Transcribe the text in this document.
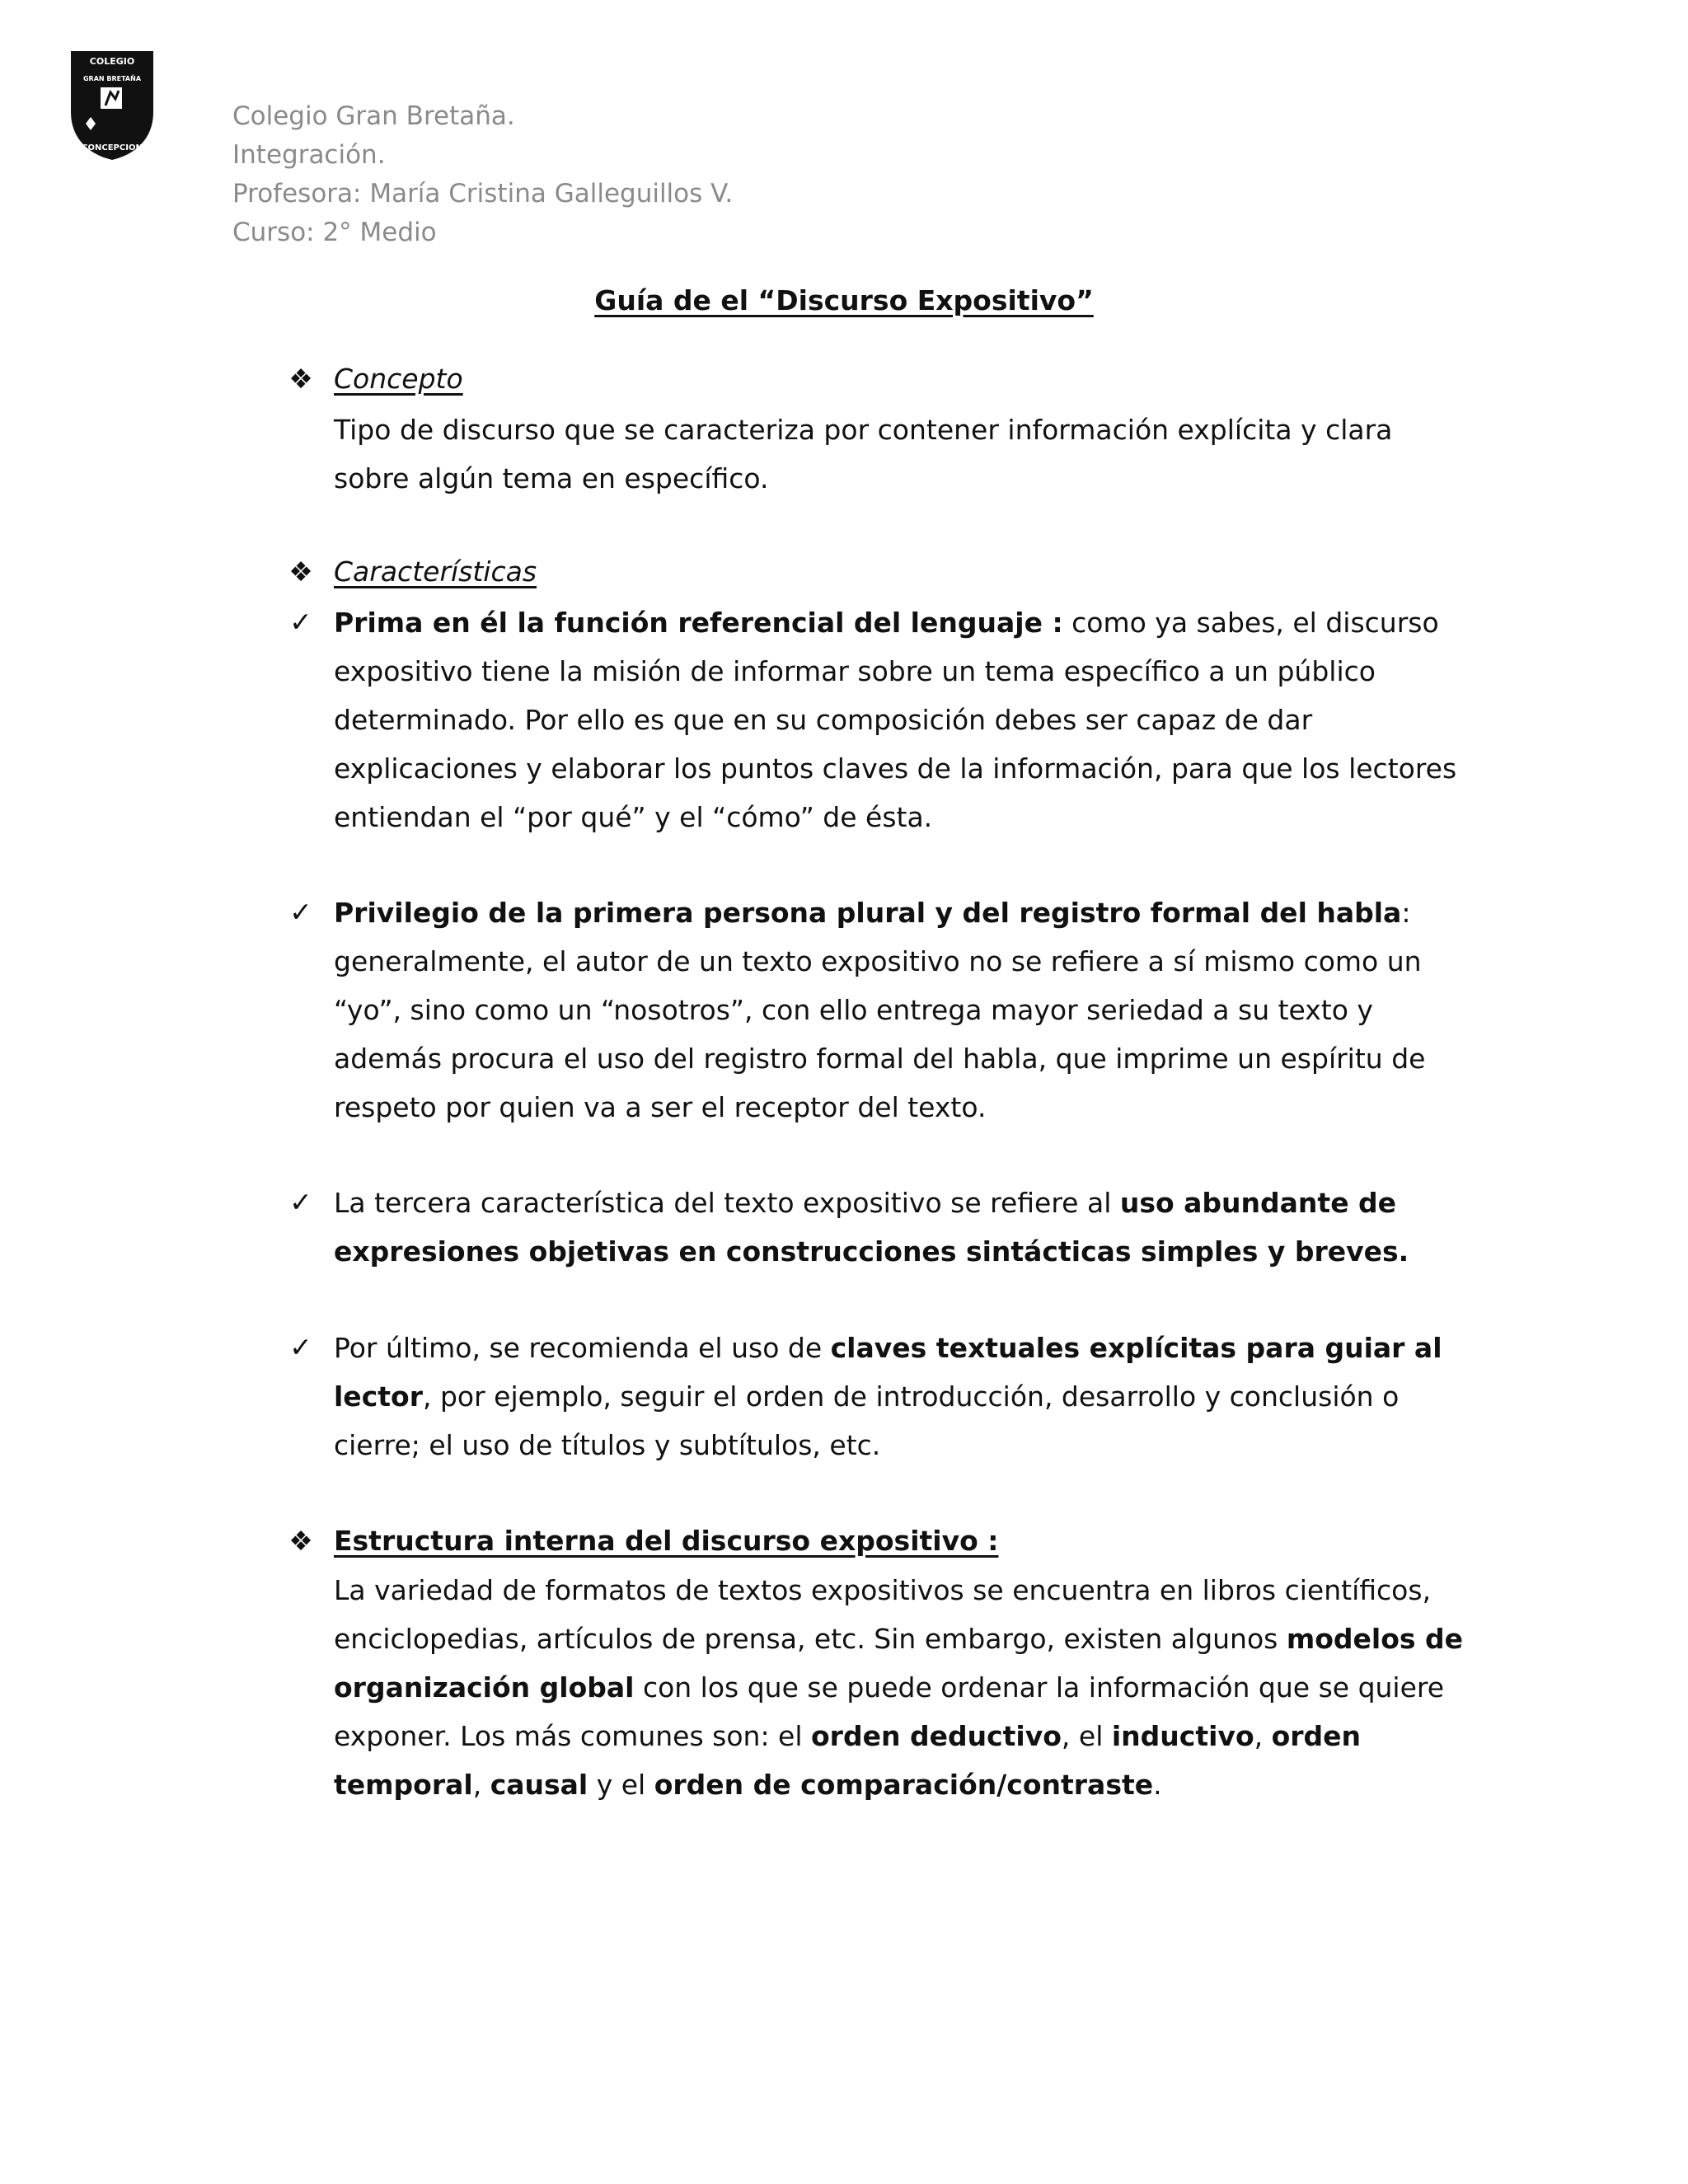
COLEGIO
GRAN BRETAÑA
CONCEPCION
Colegio Gran Bretaña.
Integración.
Profesora: María Cristina Galleguillos V.
Curso: 2° Medio
Guía de el “Discurso Expositivo”
❖ Concepto
Tipo de discurso que se caracteriza por contener información explícita y clara sobre algún tema en específico.
❖ Características
✓ Prima en él la función referencial del lenguaje : como ya sabes, el discurso expositivo tiene la misión de informar sobre un tema específico a un público determinado. Por ello es que en su composición debes ser capaz de dar explicaciones y elaborar los puntos claves de la información, para que los lectores entiendan el “por qué” y el “cómo” de ésta.
✓ Privilegio de la primera persona plural y del registro formal del habla: generalmente, el autor de un texto expositivo no se refiere a sí mismo como un “yo”, sino como un “nosotros”, con ello entrega mayor seriedad a su texto y además procura el uso del registro formal del habla, que imprime un espíritu de respeto por quien va a ser el receptor del texto.
✓ La tercera característica del texto expositivo se refiere al uso abundante de expresiones objetivas en construcciones sintácticas simples y breves.
✓ Por último, se recomienda el uso de claves textuales explícitas para guiar al lector, por ejemplo, seguir el orden de introducción, desarrollo y conclusión o cierre; el uso de títulos y subtítulos, etc.
❖ Estructura interna del discurso expositivo :
La variedad de formatos de textos expositivos se encuentra en libros científicos, enciclopedias, artículos de prensa, etc. Sin embargo, existen algunos modelos de organización global con los que se puede ordenar la información que se quiere exponer. Los más comunes son: el orden deductivo, el inductivo, orden temporal, causal y el orden de comparación/contraste.
